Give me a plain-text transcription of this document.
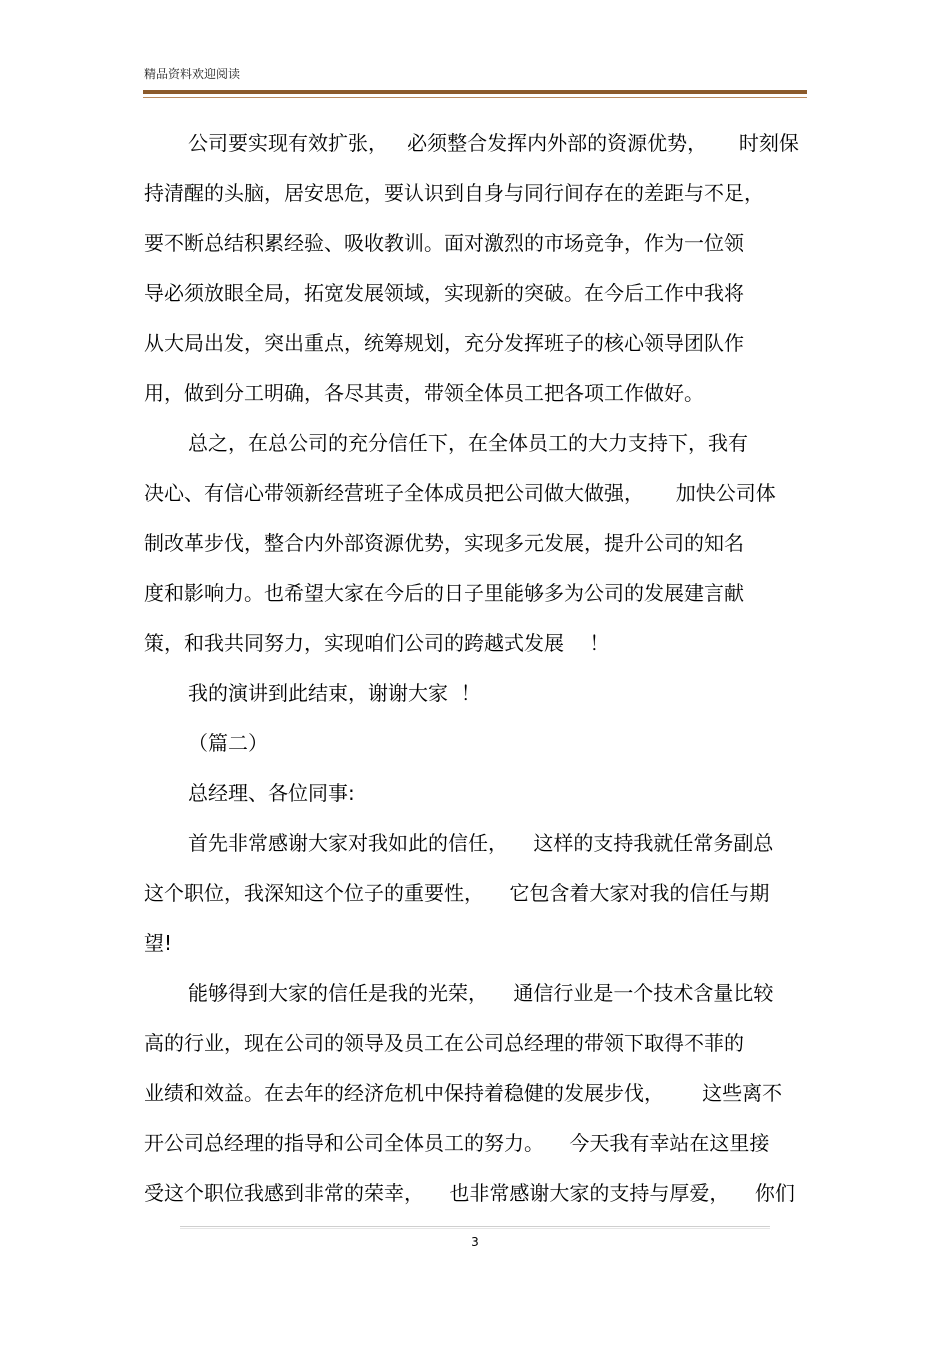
精品资料欢迎阅读
公司要实现有效扩张，   必须整合发挥内外部的资源优势，     时刻保
持清醒的头脑，居安思危，要认识到自身与同行间存在的差距与不足，
要不断总结积累经验、吸收教训。面对激烈的市场竞争，作为一位领
导必须放眼全局，拓宽发展领域，实现新的突破。在今后工作中我将
从大局出发，突出重点，统筹规划，充分发挥班子的核心领导团队作
用，做到分工明确，各尽其责，带领全体员工把各项工作做好。
总之，在总公司的充分信任下，在全体员工的大力支持下，我有
决心、有信心带领新经营班子全体成员把公司做大做强，     加快公司体
制改革步伐，整合内外部资源优势，实现多元发展，提升公司的知名
度和影响力。也希望大家在今后的日子里能够多为公司的发展建言献
策，和我共同努力，实现咱们公司的跨越式发展    ！
我的演讲到此结束，谢谢大家  ！
（篇二）
总经理、各位同事:
首先非常感谢大家对我如此的信任，    这样的支持我就任常务副总
这个职位，我深知这个位子的重要性，    它包含着大家对我的信任与期
望!
能够得到大家的信任是我的光荣，    通信行业是一个技术含量比较
高的行业，现在公司的领导及员工在公司总经理的带领下取得不菲的
业绩和效益。在去年的经济危机中保持着稳健的发展步伐，      这些离不
开公司总经理的指导和公司全体员工的努力。    今天我有幸站在这里接
受这个职位我感到非常的荣幸，    也非常感谢大家的支持与厚爱，    你们
3
